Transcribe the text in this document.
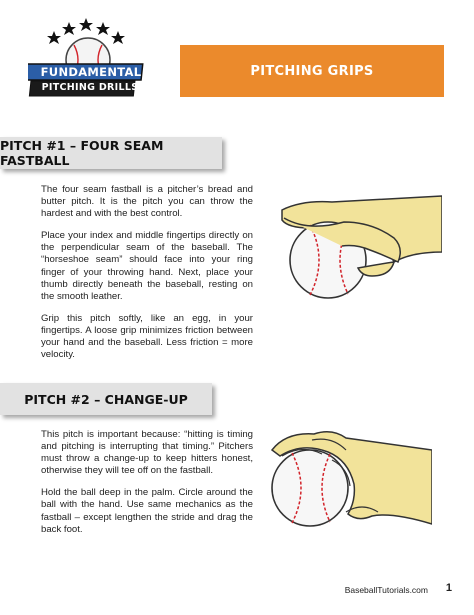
FUNDAMENTAL
PITCHING DRILLS
PITCHING GRIPS
PITCH #1 – FOUR SEAM FASTBALL

The four seam fastball is a pitcher’s bread and butter pitch. It is the pitch you can throw the hardest and with the best control.

Place your index and middle fingertips directly on the perpendicular seam of the baseball. The “horseshoe seam” should face into your ring finger of your throwing hand. Next, place your thumb directly beneath the baseball, resting on the smooth leather.

Grip this pitch softly, like an egg, in your fingertips. A loose grip minimizes friction between your hand and the baseball. Less friction = more velocity.

PITCH #2 – CHANGE-UP

This pitch is important because: “hitting is timing and pitching is interrupting that timing.” Pitchers must throw a change-up to keep hitters honest, otherwise they will tee off on the fastball.

Hold the ball deep in the palm. Circle around the ball with the hand. Use same mechanics as the fastball – except lengthen the stride and drag the back foot.

BaseballTutorials.com 1
